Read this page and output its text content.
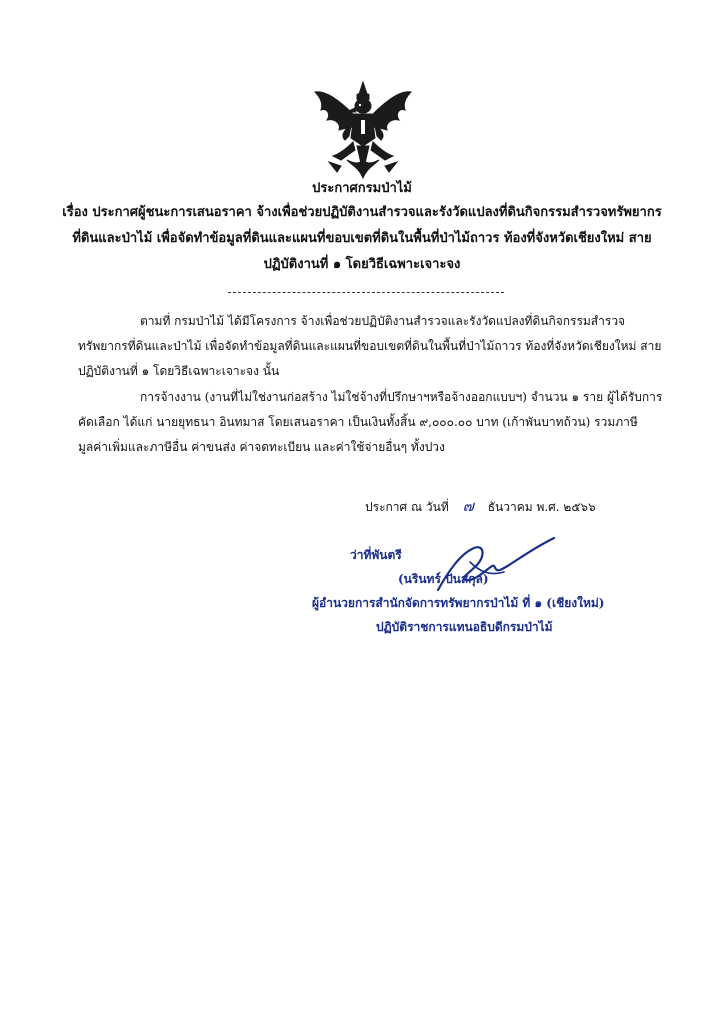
ประกาศกรมป่าไม้
เรื่อง ประกาศผู้ชนะการเสนอราคา จ้างเพื่อช่วยปฏิบัติงานสำรวจและรังวัดแปลงที่ดินกิจกรรมสำรวจทรัพยากร
ที่ดินและป่าไม้ เพื่อจัดทำข้อมูลที่ดินและแผนที่ขอบเขตที่ดินในพื้นที่ป่าไม้ถาวร ท้องที่จังหวัดเชียงใหม่ สาย
ปฏิบัติงานที่ ๑ โดยวิธีเฉพาะเจาะจง
ตามที่ กรมป่าไม้ ได้มีโครงการ จ้างเพื่อช่วยปฏิบัติงานสำรวจและรังวัดแปลงที่ดินกิจกรรมสำรวจ
ทรัพยากรที่ดินและป่าไม้ เพื่อจัดทำข้อมูลที่ดินและแผนที่ขอบเขตที่ดินในพื้นที่ป่าไม้ถาวร ท้องที่จังหวัดเชียงใหม่ สาย
ปฏิบัติงานที่ ๑ โดยวิธีเฉพาะเจาะจง นั้น
การจ้างงาน (งานที่ไม่ใช่งานก่อสร้าง ไม่ใช่จ้างที่ปรึกษาฯหรือจ้างออกแบบฯ) จำนวน ๑ ราย ผู้ได้รับการ
คัดเลือก ได้แก่ นายยุทธนา อินทมาส โดยเสนอราคา เป็นเงินทั้งสิ้น ๙,๐๐๐.๐๐ บาท (เก้าพันบาทถ้วน) รวมภาษี
มูลค่าเพิ่มและภาษีอื่น ค่าขนส่ง ค่าจดทะเบียน และค่าใช้จ่ายอื่นๆ ทั้งปวง
ประกาศ ณ วันที่ ๗ ธันวาคม พ.ศ. ๒๕๖๖
ว่าที่พันตรี
(นรินทร์ ปันสกุล)
ผู้อำนวยการสำนักจัดการทรัพยากรป่าไม้ ที่ ๑ (เชียงใหม่)
ปฏิบัติราชการแทนอธิบดีกรมป่าไม้
